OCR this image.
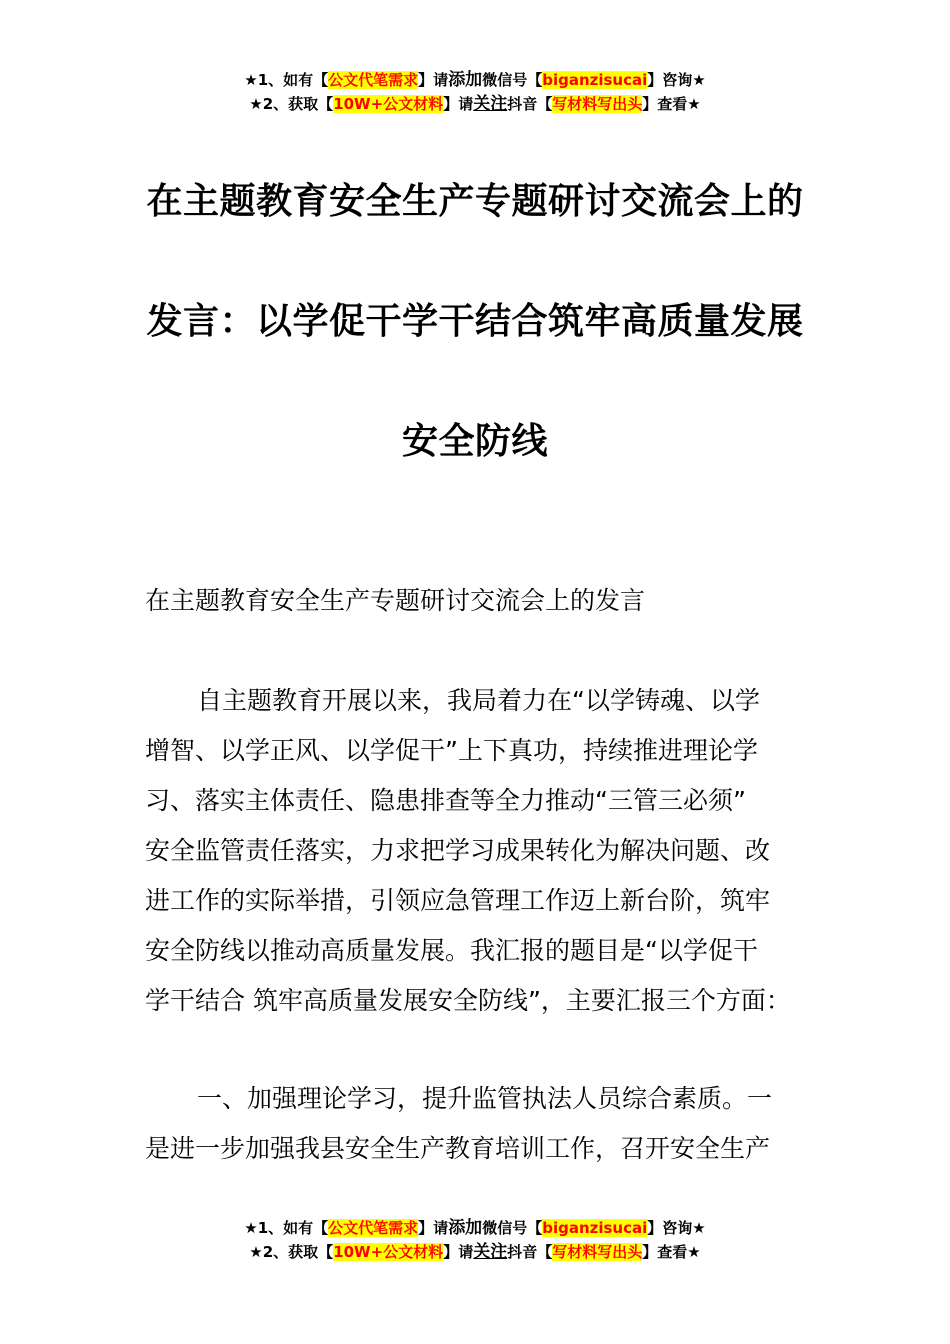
★1、如有【公文代笔需求】请添加微信号【biganzisucai】咨询★
★2、获取【10W+公文材料】请关注抖音【写材料写出头】查看★
在主题教育安全生产专题研讨交流会上的
发言：以学促干学干结合筑牢高质量发展
安全防线

在主题教育安全生产专题研讨交流会上的发言

自主题教育开展以来，我局着力在“以学铸魂、以学
增智、以学正风、以学促干”上下真功，持续推进理论学
习、落实主体责任、隐患排查等全力推动“三管三必须”
安全监管责任落实，力求把学习成果转化为解决问题、改
进工作的实际举措，引领应急管理工作迈上新台阶，筑牢
安全防线以推动高质量发展。我汇报的题目是“以学促干
学干结合 筑牢高质量发展安全防线”，主要汇报三个方面：
一、加强理论学习，提升监管执法人员综合素质。一
是进一步加强我县安全生产教育培训工作，召开安全生产
★1、如有【公文代笔需求】请添加微信号【biganzisucai】咨询★
★2、获取【10W+公文材料】请关注抖音【写材料写出头】查看★
